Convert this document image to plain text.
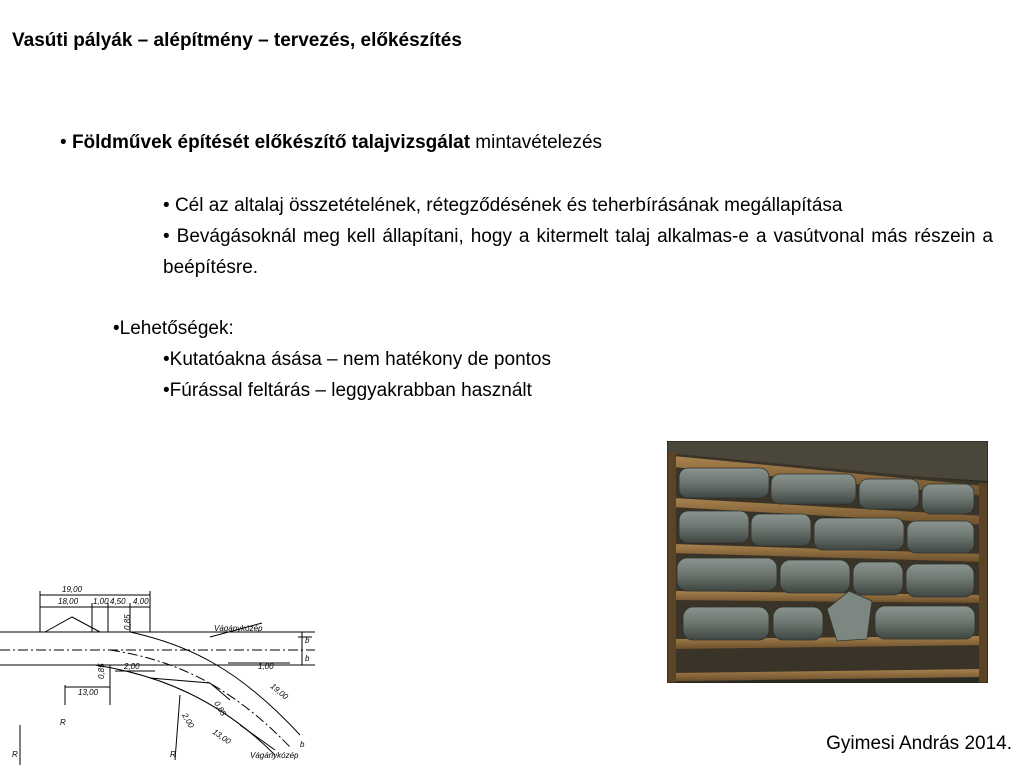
Vasúti pályák – alépítmény – tervezés, előkészítés
• Földművek építését előkészítő talajvizsgálat mintavételezés
• Cél az altalaj összetételének, rétegződésének és teherbírásának megállapítása
• Bevágásoknál meg kell állapítani, hogy a kitermelt talaj alkalmas-e a vasútvonal más részein a beépítésre.
•Lehetőségek:
•Kutatóakna ásása – nem hatékony de pontos
•Fúrással feltárás – leggyakrabban használt
19,00
18,00 1,00 4,50 4,00
0,85
0,85
13,00
2,00	1,00
19,00
2,00
0,85
13,00
Vágánykózép
Vágánykózép
b
b
b
R	R
R
Gyimesi András 2014.
